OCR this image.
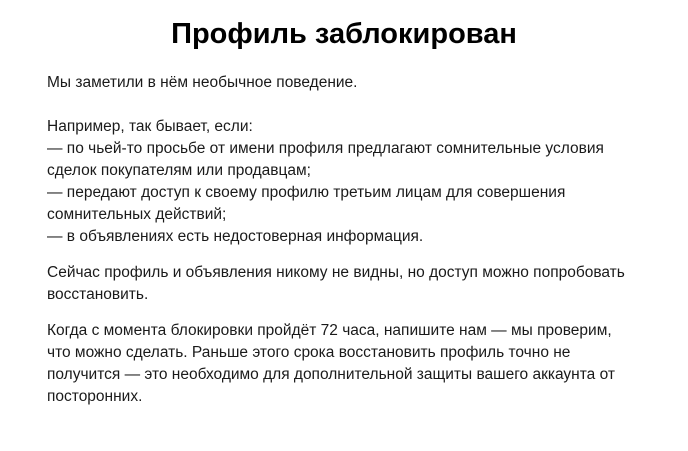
Профиль заблокирован

Мы заметили в нём необычное поведение.

Например, так бывает, если:
— по чьей-то просьбе от имени профиля предлагают сомнительные условия
сделок покупателям или продавцам;
— передают доступ к своему профилю третьим лицам для совершения
сомнительных действий;
— в объявлениях есть недостоверная информация.

Сейчас профиль и объявления никому не видны, но доступ можно попробовать
восстановить.

Когда с момента блокировки пройдёт 72 часа, напишите нам — мы проверим,
что можно сделать. Раньше этого срока восстановить профиль точно не
получится — это необходимо для дополнительной защиты вашего аккаунта от
посторонних.
